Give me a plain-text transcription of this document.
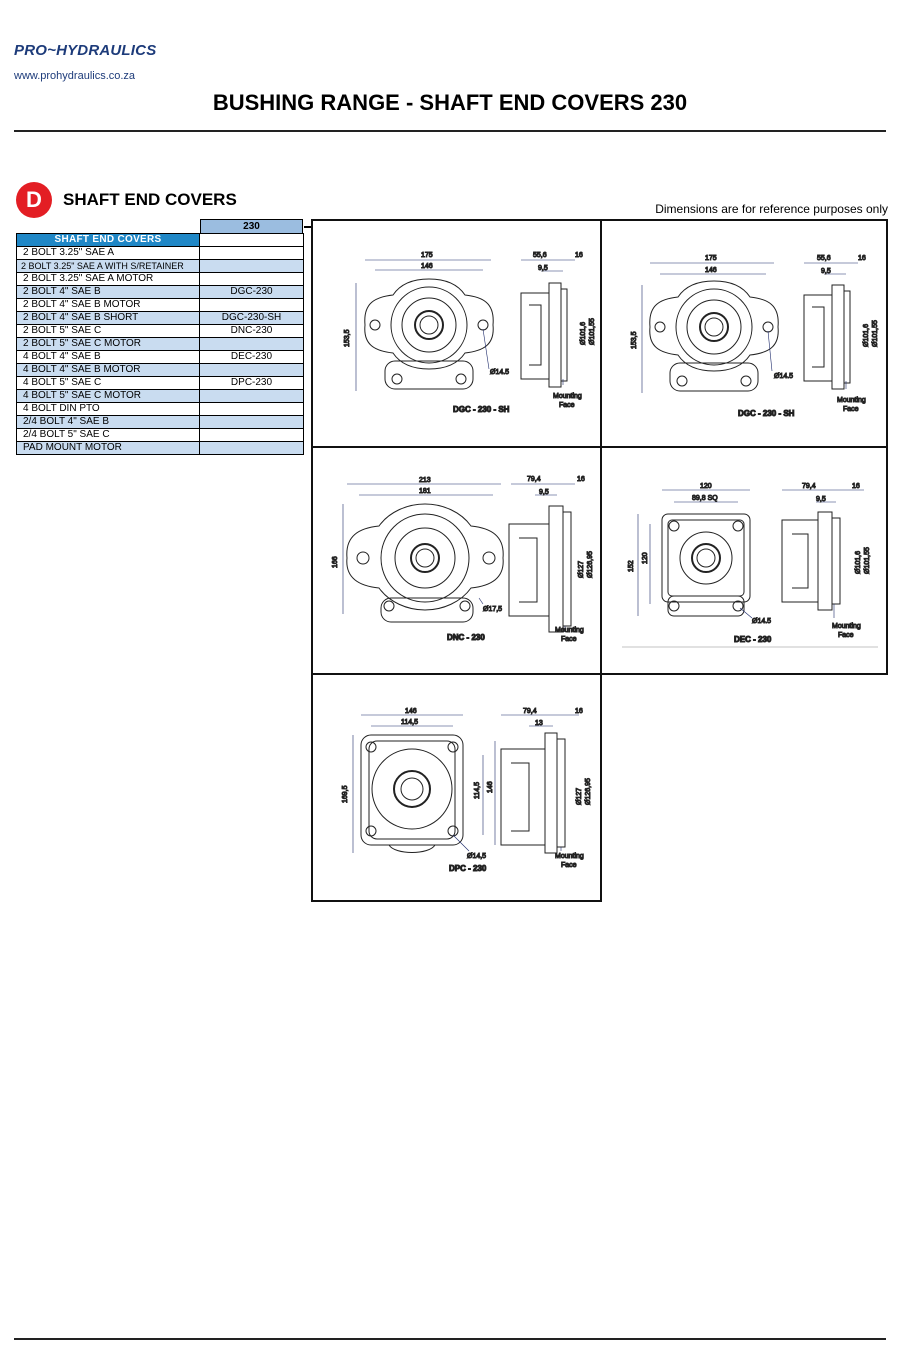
PRO~HYDRAULICS
www.prohydraulics.co.za
BUSHING RANGE - SHAFT END COVERS 230
D	SHAFT END COVERS	Dimensions are for reference purposes only
230
SHAFT END COVERS	
2 BOLT 3.25" SAE A	
2 BOLT 3.25" SAE A WITH S/RETAINER	
2 BOLT 3.25" SAE A MOTOR	
2 BOLT 4" SAE B	DGC-230
2 BOLT 4" SAE B MOTOR	
2 BOLT 4" SAE B SHORT	DGC-230-SH
2 BOLT 5" SAE C	DNC-230
2 BOLT 5" SAE C MOTOR	
4 BOLT 4" SAE B	DEC-230
4 BOLT 4" SAE B MOTOR	
4 BOLT 5" SAE C	DPC-230
4 BOLT 5" SAE C MOTOR	
4 BOLT DIN PTO	
2/4 BOLT 4" SAE B	
2/4 BOLT 5" SAE C	
PAD MOUNT MOTOR	
175
146
153,5
Ø14.5
55,6	16
9,5
Ø101,6 Ø101,55
Mounting
Face
DGC - 230 - SH
175
146
153,5
Ø14.5
55,6	16
9,5
Ø101,6 Ø101,55
Mounting
Face
DGC - 230 - SH
213
181
166
Ø17,5
79,4	16
9,5
Ø127 Ø126,95
Mounting
Face
DNC - 230
120
89,8 SQ
152
120
Ø14.5
79,4	16
9,5
Ø101,6 Ø101,55
Mounting
Face
DEC - 230
146
114,5
169,5	114,5 146
Ø14,5
79,4	16
13
Ø127 Ø126,95
Mounting
Face
DPC - 230
